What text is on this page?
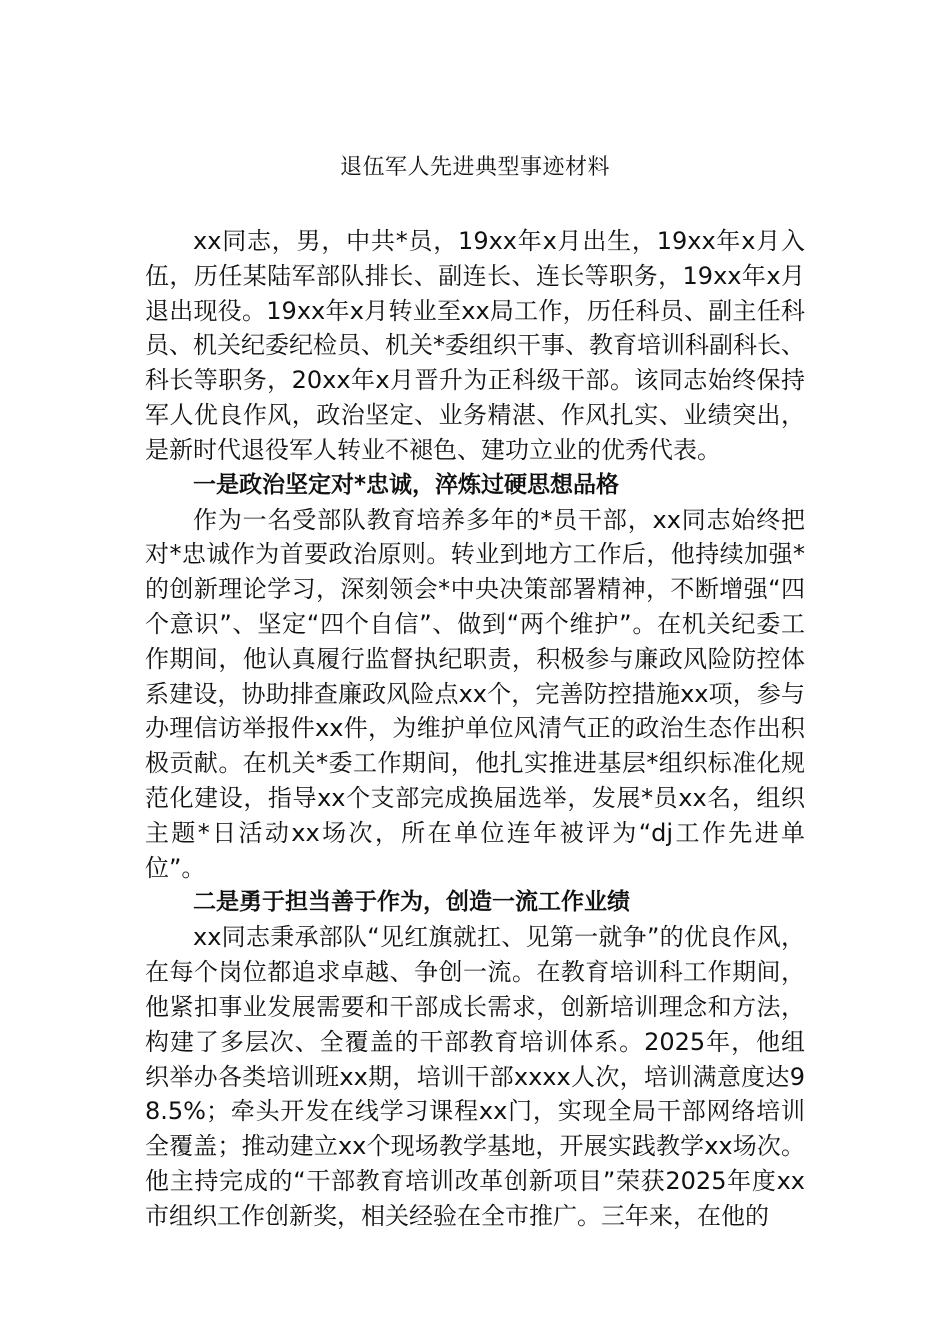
退伍军人先进典型事迹材料

xx同志，男，中共*员，19xx年x月出生，19xx年x月入伍，历任某陆军部队排长、副连长、连长等职务，19xx年x月退出现役。19xx年x月转业至xx局工作，历任科员、副主任科员、机关纪委纪检员、机关*委组织干事、教育培训科副科长、科长等职务，20xx年x月晋升为正科级干部。该同志始终保持军人优良作风，政治坚定、业务精湛、作风扎实、业绩突出，是新时代退役军人转业不褪色、建功立业的优秀代表。

一是政治坚定对*忠诚，淬炼过硬思想品格

作为一名受部队教育培养多年的*员干部，xx同志始终把对*忠诚作为首要政治原则。转业到地方工作后，他持续加强*的创新理论学习，深刻领会*中央决策部署精神，不断增强“四个意识”、坚定“四个自信”、做到“两个维护”。在机关纪委工作期间，他认真履行监督执纪职责，积极参与廉政风险防控体系建设，协助排查廉政风险点xx个，完善防控措施xx项，参与办理信访举报件xx件，为维护单位风清气正的政治生态作出积极贡献。在机关*委工作期间，他扎实推进基层*组织标准化规范化建设，指导xx个支部完成换届选举，发展*员xx名，组织主题*日活动xx场次，所在单位连年被评为“dj工作先进单位”。

二是勇于担当善于作为，创造一流工作业绩

xx同志秉承部队“见红旗就扛、见第一就争”的优良作风，在每个岗位都追求卓越、争创一流。在教育培训科工作期间，他紧扣事业发展需要和干部成长需求，创新培训理念和方法，构建了多层次、全覆盖的干部教育培训体系。2025年，他组织举办各类培训班xx期，培训干部xxxx人次，培训满意度达98.5%；牵头开发在线学习课程xx门，实现全局干部网络培训全覆盖；推动建立xx个现场教学基地，开展实践教学xx场次。他主持完成的“干部教育培训改革创新项目”荣获2025年度xx市组织工作创新奖，相关经验在全市推广。三年来，在他的
